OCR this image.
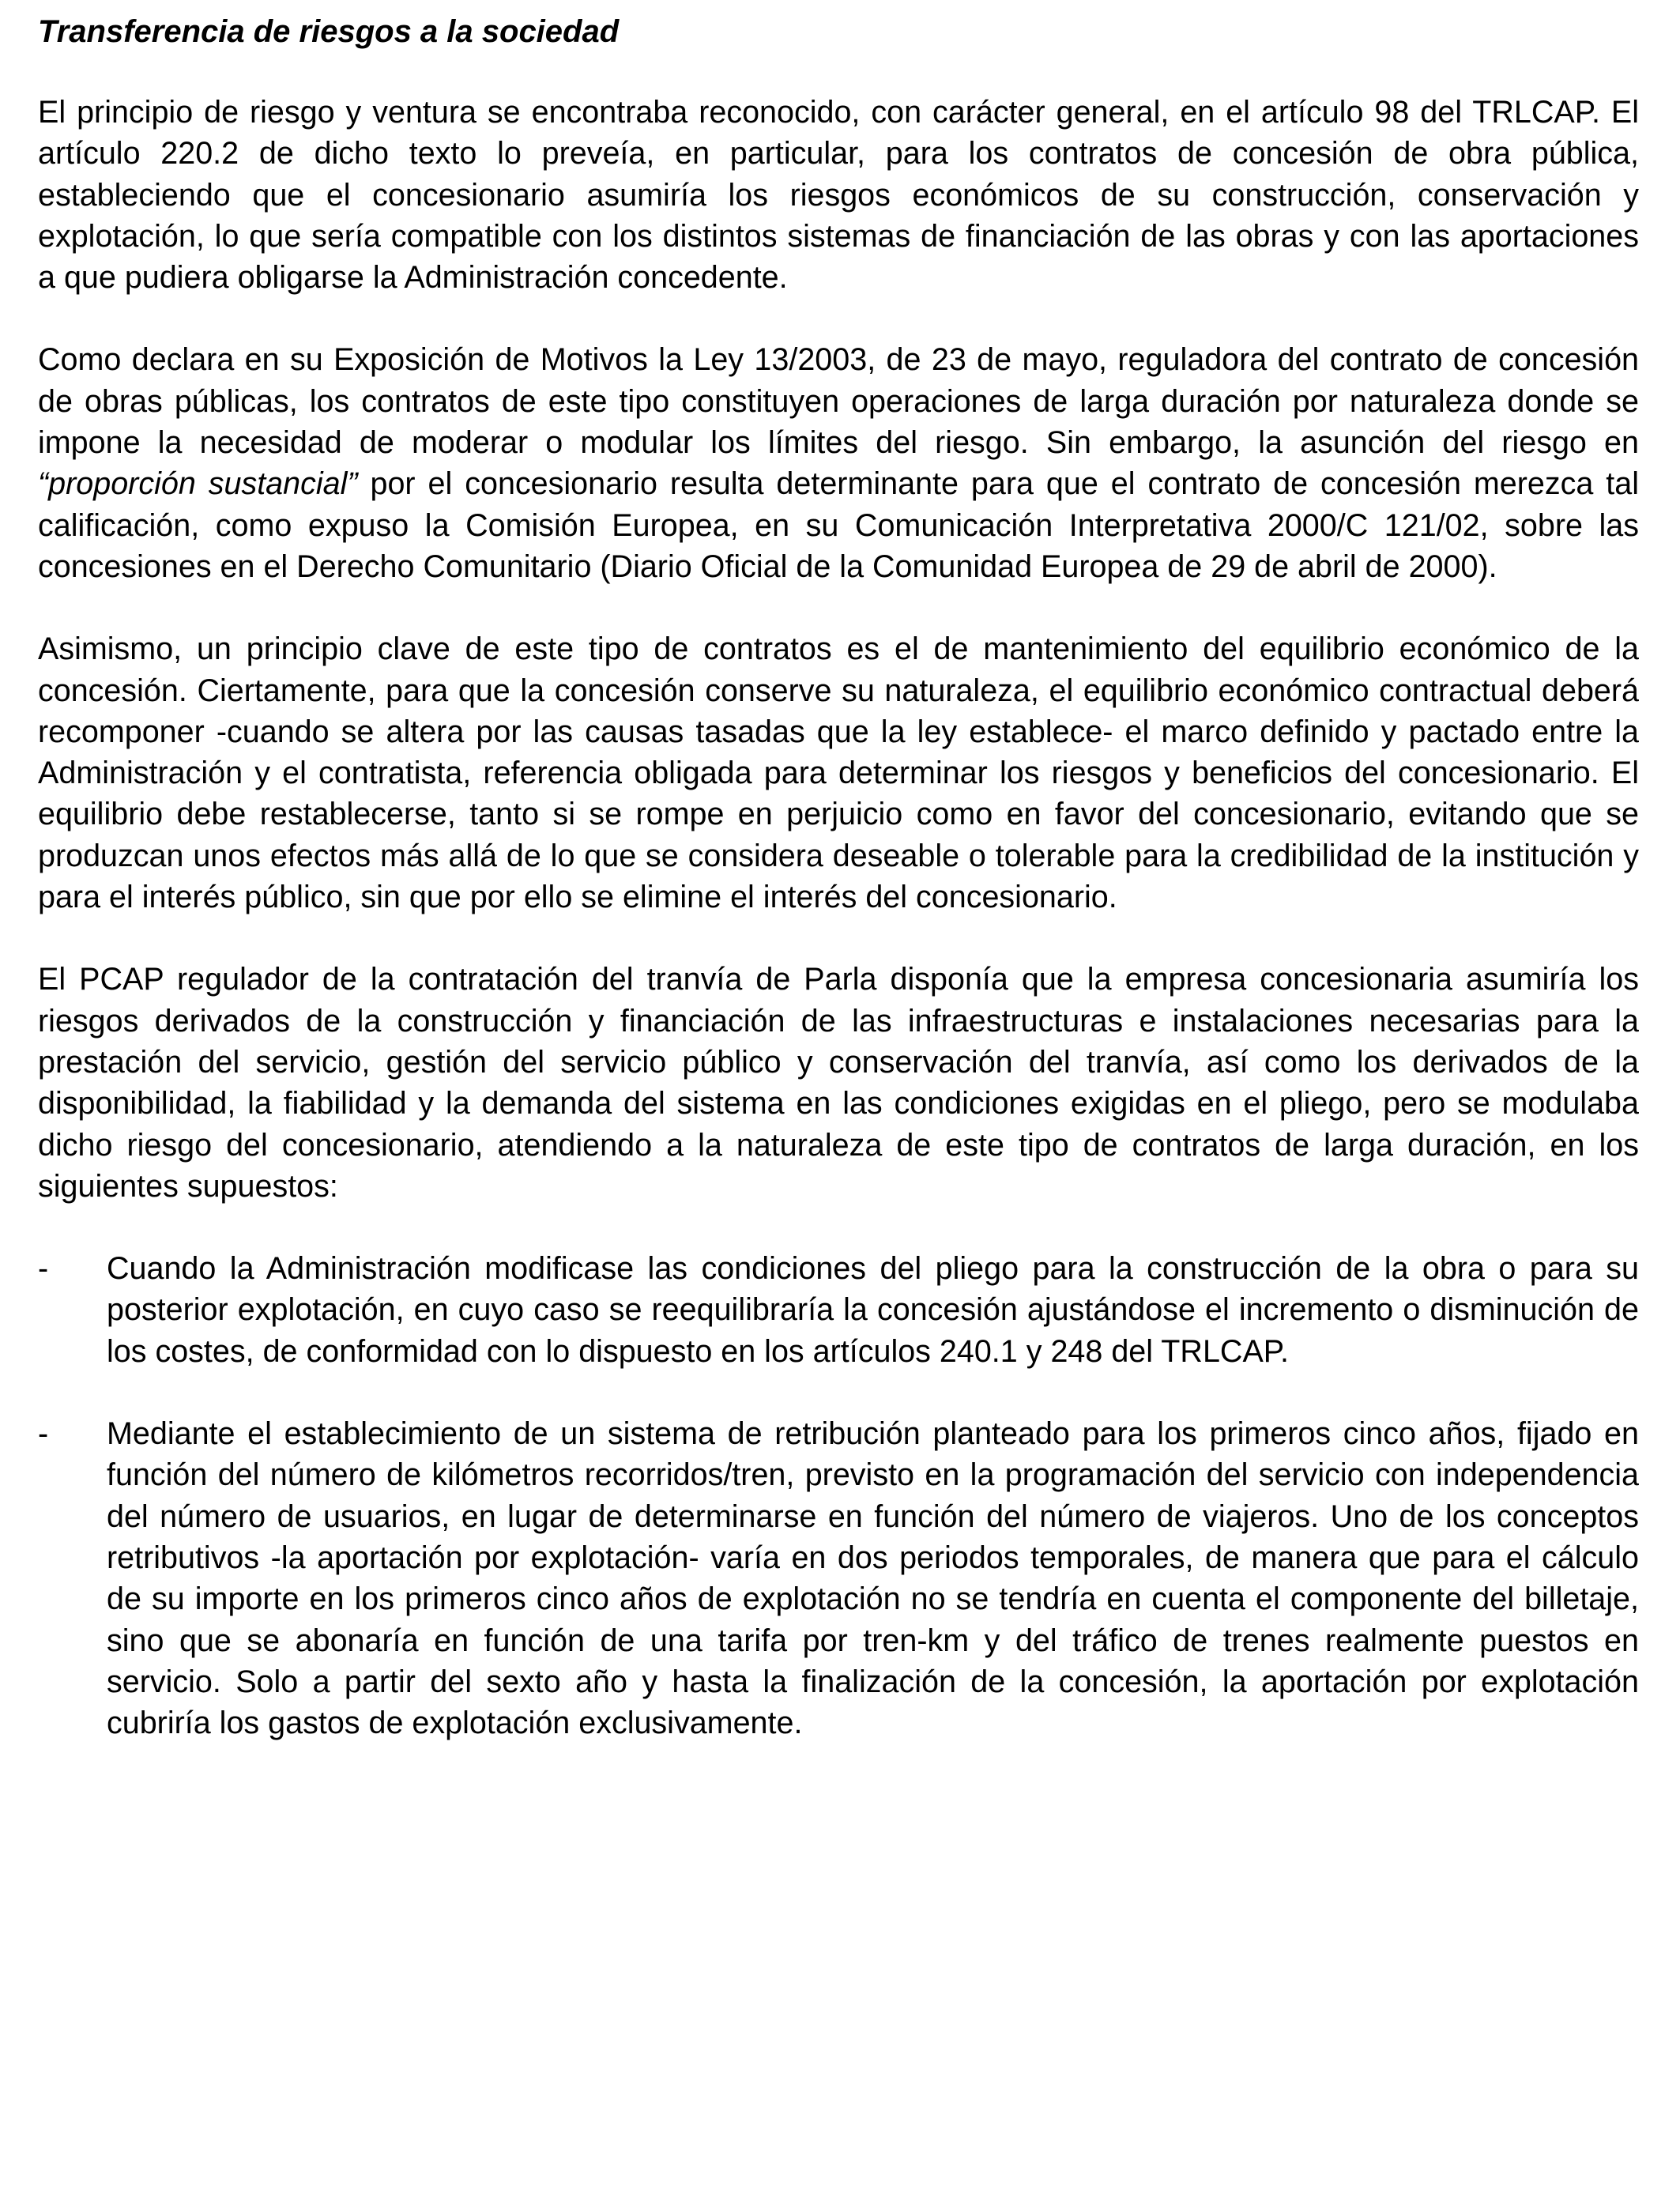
Transferencia de riesgos a la sociedad

El principio de riesgo y ventura se encontraba reconocido, con carácter general, en el artículo 98 del TRLCAP. El artículo 220.2 de dicho texto lo preveía, en particular, para los contratos de concesión de obra pública, estableciendo que el concesionario asumiría los riesgos económicos de su construcción, conservación y explotación, lo que sería compatible con los distintos sistemas de financiación de las obras y con las aportaciones a que pudiera obligarse la Administración concedente.

Como declara en su Exposición de Motivos la Ley 13/2003, de 23 de mayo, reguladora del contrato de concesión de obras públicas, los contratos de este tipo constituyen operaciones de larga duración por naturaleza donde se impone la necesidad de moderar o modular los límites del riesgo. Sin embargo, la asunción del riesgo en “proporción sustancial” por el concesionario resulta determinante para que el contrato de concesión merezca tal calificación, como expuso la Comisión Europea, en su Comunicación Interpretativa 2000/C 121/02, sobre las concesiones en el Derecho Comunitario (Diario Oficial de la Comunidad Europea de 29 de abril de 2000).

Asimismo, un principio clave de este tipo de contratos es el de mantenimiento del equilibrio económico de la concesión. Ciertamente, para que la concesión conserve su naturaleza, el equilibrio económico contractual deberá recomponer -cuando se altera por las causas tasadas que la ley establece- el marco definido y pactado entre la Administración y el contratista, referencia obligada para determinar los riesgos y beneficios del concesionario. El equilibrio debe restablecerse, tanto si se rompe en perjuicio como en favor del concesionario, evitando que se produzcan unos efectos más allá de lo que se considera deseable o tolerable para la credibilidad de la institución y para el interés público, sin que por ello se elimine el interés del concesionario.

El PCAP regulador de la contratación del tranvía de Parla disponía que la empresa concesionaria asumiría los riesgos derivados de la construcción y financiación de las infraestructuras e instalaciones necesarias para la prestación del servicio, gestión del servicio público y conservación del tranvía, así como los derivados de la disponibilidad, la fiabilidad y la demanda del sistema en las condiciones exigidas en el pliego, pero se modulaba dicho riesgo del concesionario, atendiendo a la naturaleza de este tipo de contratos de larga duración, en los siguientes supuestos:

- Cuando la Administración modificase las condiciones del pliego para la construcción de la obra o para su posterior explotación, en cuyo caso se reequilibraría la concesión ajustándose el incremento o disminución de los costes, de conformidad con lo dispuesto en los artículos 240.1 y 248 del TRLCAP.
- Mediante el establecimiento de un sistema de retribución planteado para los primeros cinco años, fijado en función del número de kilómetros recorridos/tren, previsto en la programación del servicio con independencia del número de usuarios, en lugar de determinarse en función del número de viajeros. Uno de los conceptos retributivos -la aportación por explotación- varía en dos periodos temporales, de manera que para el cálculo de su importe en los primeros cinco años de explotación no se tendría en cuenta el componente del billetaje, sino que se abonaría en función de una tarifa por tren-km y del tráfico de trenes realmente puestos en servicio. Solo a partir del sexto año y hasta la finalización de la concesión, la aportación por explotación cubriría los gastos de explotación exclusivamente.
